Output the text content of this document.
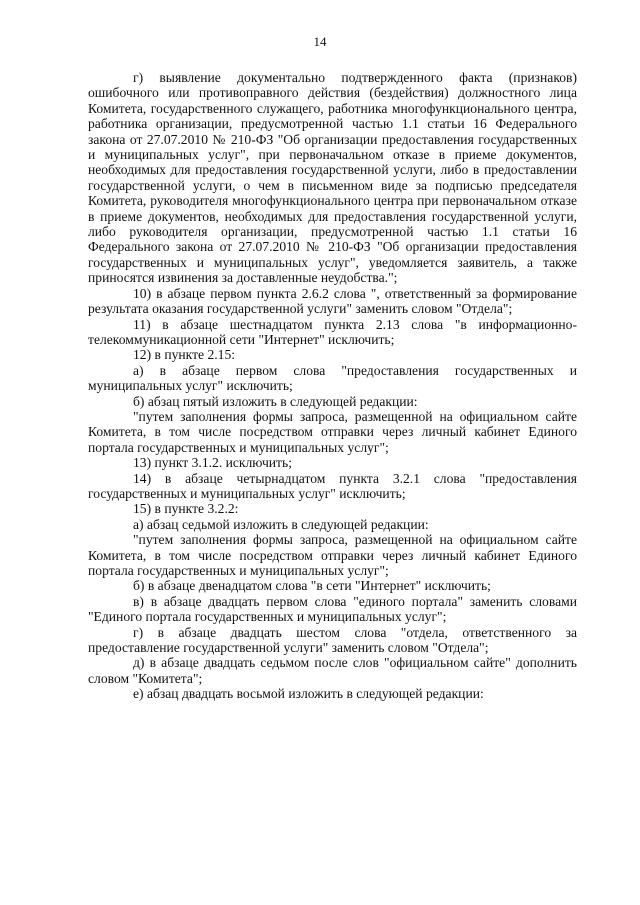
14

г) выявление документально подтвержденного факта (признаков) ошибочного или противоправного действия (бездействия) должностного лица Комитета, государственного служащего, работника многофункционального центра, работника организации, предусмотренной частью 1.1 статьи 16 Федерального закона от 27.07.2010 № 210-ФЗ "Об организации предоставления государственных и муниципальных услуг", при первоначальном отказе в приеме документов, необходимых для предоставления государственной услуги, либо в предоставлении государственной услуги, о чем в письменном виде за подписью председателя Комитета, руководителя многофункционального центра при первоначальном отказе в приеме документов, необходимых для предоставления государственной услуги, либо руководителя организации, предусмотренной частью 1.1 статьи 16 Федерального закона от 27.07.2010 № 210-ФЗ "Об организации предоставления государственных и муниципальных услуг", уведомляется заявитель, а также приносятся извинения за доставленные неудобства.";

10) в абзаце первом пункта 2.6.2 слова ", ответственный за формирование результата оказания государственной услуги" заменить словом "Отдела";

11) в абзаце шестнадцатом пункта 2.13 слова "в информационно-телекоммуникационной сети "Интернет" исключить;

12) в пункте 2.15:

а) в абзаце первом слова "предоставления государственных и муниципальных услуг" исключить;

б) абзац пятый изложить в следующей редакции:

"путем заполнения формы запроса, размещенной на официальном сайте Комитета, в том числе посредством отправки через личный кабинет Единого портала государственных и муниципальных услуг";

13) пункт 3.1.2. исключить;

14) в абзаце четырнадцатом пункта 3.2.1 слова "предоставления государственных и муниципальных услуг" исключить;

15) в пункте 3.2.2:

а) абзац седьмой изложить в следующей редакции:

"путем заполнения формы запроса, размещенной на официальном сайте Комитета, в том числе посредством отправки через личный кабинет Единого портала государственных и муниципальных услуг";

б) в абзаце двенадцатом слова "в сети "Интернет" исключить;

в) в абзаце двадцать первом слова "единого портала" заменить словами "Единого портала государственных и муниципальных услуг";

г) в абзаце двадцать шестом слова "отдела, ответственного за предоставление государственной услуги" заменить словом "Отдела";

д) в абзаце двадцать седьмом после слов "официальном сайте" дополнить словом "Комитета";

е) абзац двадцать восьмой изложить в следующей редакции:
